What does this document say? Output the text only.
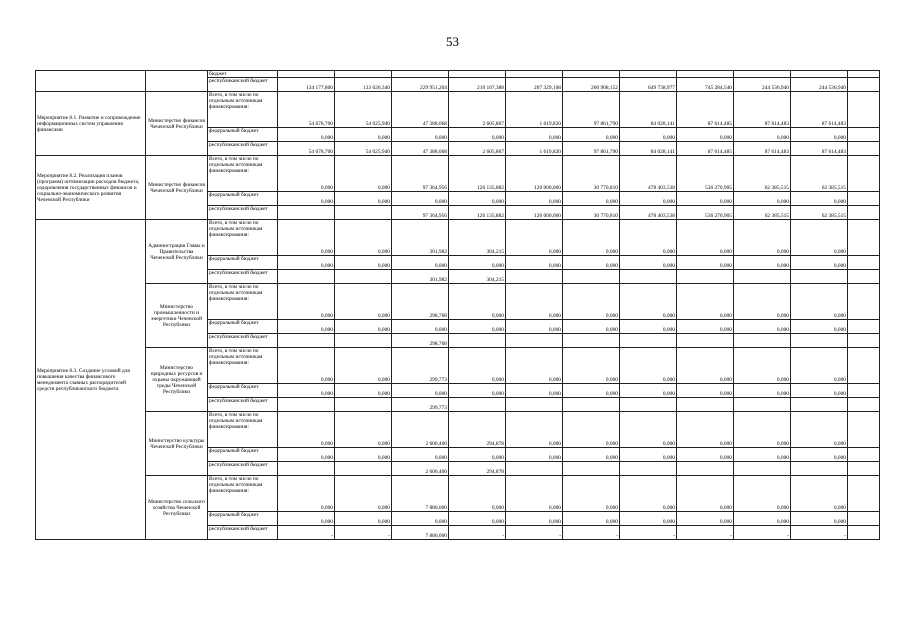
53
		бюджет											
		республиканский бюджет	134 177,800	133 626,340	229 951,204	210 107,388	207 329,108	260 908,152	649 738,977	745 284,540	244 536,940	244 536,940	
Мероприятие 8.1. Развитие и сопровождение информационных систем управления финансами	Министерство финансов Чеченской Республики	Всего, в том числе по отдельным источникам финансирования:	54 678,700	54 025,940	47 388,068	2 605,867	1 619,820	97 861,790	84 028,141	87 614,485	87 614,483	87 614,483	
		федеральный бюджет	0,000	0,000	0,000	0,000	0,000	0,000	0,000	0,000	0,000	0,000	
		республиканский бюджет	54 678,700	54 025,940	47 388,068	2 605,867	1 619,820	97 861,790	84 028,141	87 614,485	87 614,483	87 614,483	
Мероприятие 8.2. Реализация планов (программ) оптимизации расходов бюджета, оздоровления государственных финансов и социально-экономического развития Чеченской Республики	Министерство финансов Чеченской Республики	Всего, в том числе по отдельным источникам финансирования:	0,000	0,000	97 364,956	126 135,882	120 000,000	30 770,810	478 403,538	536 270,905	62 385,515	62 385,515	
		федеральный бюджет	0,000	0,000	0,000	0,000	0,000	0,000	0,000	0,000	0,000	0,000	
		республиканский бюджет			97 364,956	126 135,882	120 000,000	30 770,810	478 403,538	536 270,905	62 385,515	62 385,515	
Мероприятие 8.3. Создание условий для повышения качества финансового менеджмента главных распорядителей средств республиканского бюджета	Администрация Главы и Правительства Чеченской Республики	Всего, в том числе по отдельным источникам финансирования:	0,000	0,000	301,982	304,215	0,000	0,000	0,000	0,000	0,000	0,000	
		федеральный бюджет	0,000	0,000	0,000	0,000	0,000	0,000	0,000	0,000	0,000	0,000	
		республиканский бюджет			301,982	304,215							
	Министерство промышленности и энергетики Чеченской Республики	Всего, в том числе по отдельным источникам финансирования:	0,000	0,000	298,768	0,000	0,000	0,000	0,000	0,000	0,000	0,000	
		федеральный бюджет	0,000	0,000	0,000	0,000	0,000	0,000	0,000	0,000	0,000	0,000	
		республиканский бюджет			298,768								
	Министерство природных ресурсов и охраны окружающей среды Чеченской Республики	Всего, в том числе по отдельным источникам финансирования:	0,000	0,000	299,773	0,000	0,000	0,000	0,000	0,000	0,000	0,000	
		федеральный бюджет	0,000	0,000	0,000	0,000	0,000	0,000	0,000	0,000	0,000	0,000	
		республиканский бюджет			299,773								
	Министерство культуры Чеченской Республики	Всего, в том числе по отдельным источникам финансирования:	0,000	0,000	2 600,400	294,878	0,000	0,000	0,000	0,000	0,000	0,000	
		федеральный бюджет	0,000	0,000	0,000	0,000	0,000	0,000	0,000	0,000	0,000	0,000	
		республиканский бюджет			2 600,400	294,878							
	Министерство сельского хозяйства Чеченской Республики	Всего, в том числе по отдельным источникам финансирования:	0,000	0,000	7 880,000	0,000	0,000	0,000	0,000	0,000	0,000	0,000	
		федеральный бюджет	0,000	0,000	0,000	0,000	0,000	0,000	0,000	0,000	0,000	0,000	
		республиканский бюджет	-	-	7 880,000	-	-	-	-	-	-	-	
